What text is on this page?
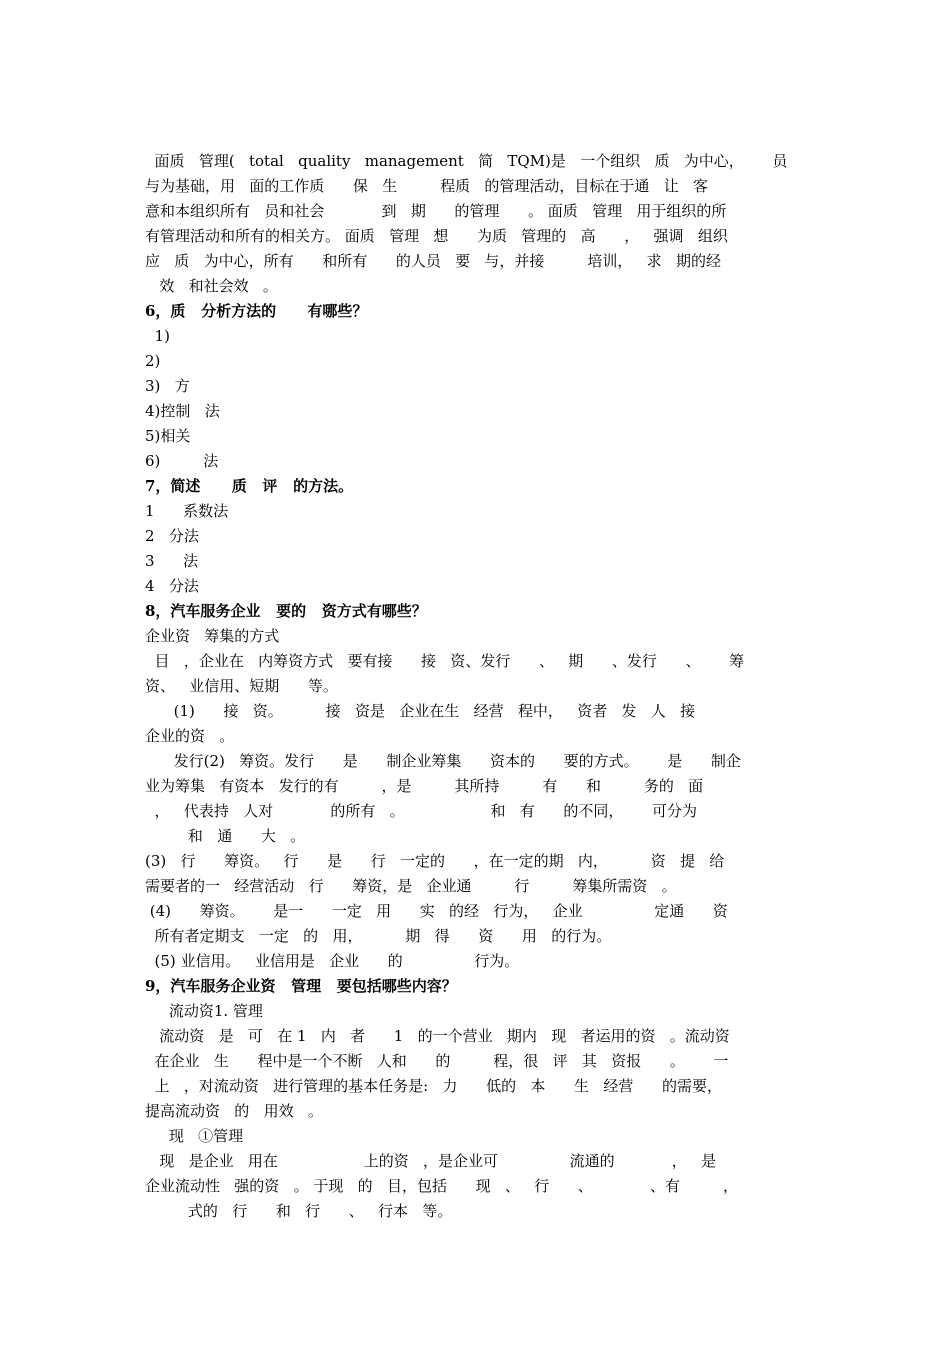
面质   管理(   total   quality   management   简   TQM)是   一个组织   质   为中心，      员
与为基础，用   面的工作质      保   生         程质   的管理活动，目标在于通   让   客
意和本组织所有   员和社会            到   期      的管理      。 面质   管理   用于组织的所
有管理活动和所有的相关方。 面质   管理   想      为质   管理的   高      ，   强调   组织
应   质   为中心，所有      和所有      的人员   要   与，并接         培训，   求   期的经
效   和社会效   。
6，质   分析方法的      有哪些？
1)
2)
3)   方
4)控制   法
5)相关
6)         法
7，简述      质   评   的方法。
1      系数法
2   分法
3      法
4   分法
8，汽车服务企业   要的   资方式有哪些？
企业资   筹集的方式
目   ，企业在   内筹资方式   要有接      接   资、发行      、   期      、发行      、      筹
资、   业信用、短期      等。
(1)      接   资。         接   资是   企业在生   经营   程中，   资者   发   人   接
企业的资   。
发行(2)   筹资。发行      是      制企业筹集      资本的      要的方式。      是      制企
业为筹集   有资本   发行的有         ，是         其所持         有      和         务的   面
，   代表持   人对            的所有   。                  和   有      的不同，      可分为
和   通      大   。
(3)   行      筹资。   行      是      行   一定的      ，在一定的期   内，         资   提   给
需要者的一   经营活动   行      筹资，是   企业通         行         筹集所需资   。
(4)      筹资。      是一      一定   用      实   的经   行为，   企业               定通      资
所有者定期支   一定   的   用，         期   得      资      用   的行为。
(5) 业信用。   业信用是   企业      的               行为。
9，汽车服务企业资   管理   要包括哪些内容？
流动资1. 管理
流动资   是   可   在 1   内   者      1   的一个营业   期内   现   者运用的资   。流动资
在企业   生      程中是一个不断   人和      的         程，很   评   其   资报      。      一
上   ，对流动资   进行管理的基本任务是:   力      低的   本      生   经营      的需要，
提高流动资   的   用效   。
现   ①管理
现   是企业   用在                  上的资   ，是企业可               流通的            ，   是
企业流动性   强的资   。 于现   的   目，包括      现   、   行      、            、有         ，
式的   行      和   行      、   行本   等。
